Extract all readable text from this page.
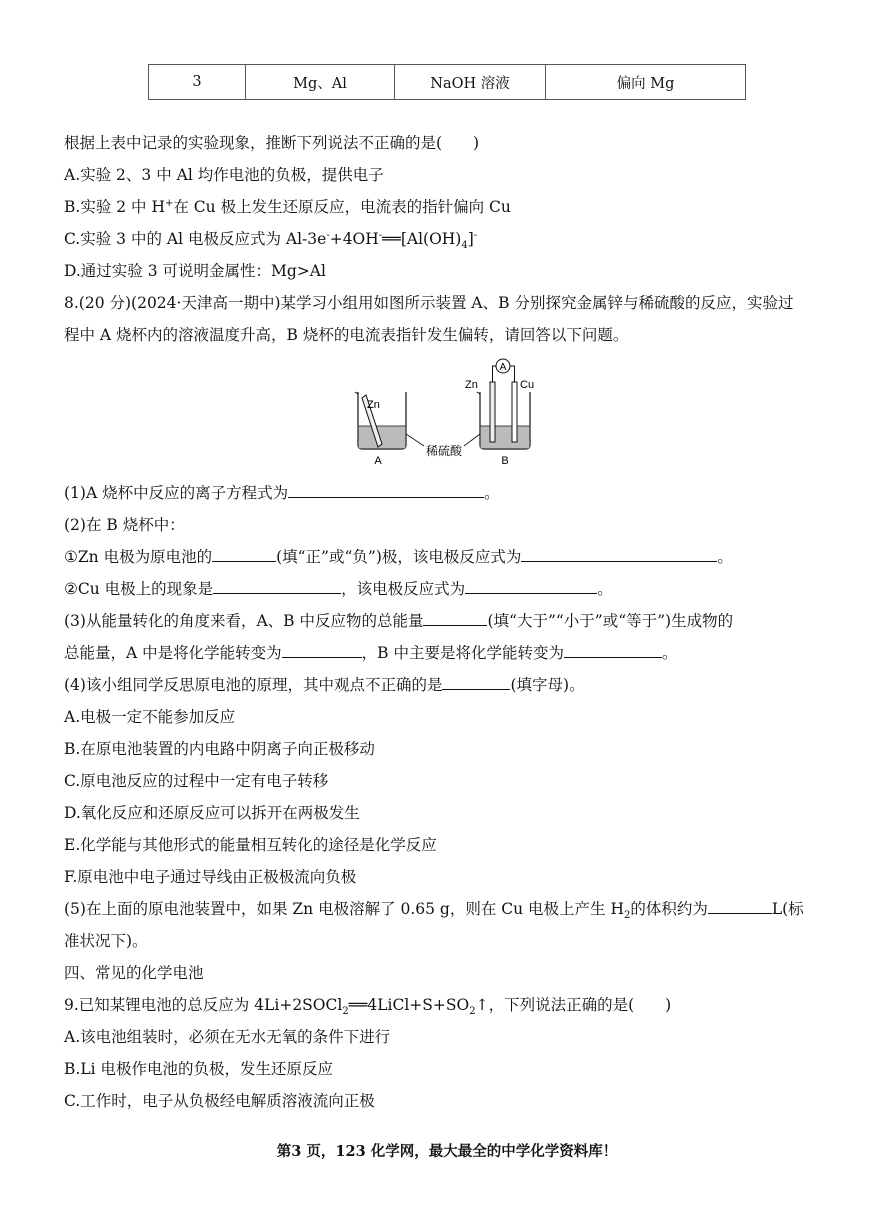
3	Mg、Al	NaOH 溶液	偏向 Mg
根据上表中记录的实验现象，推断下列说法不正确的是(　　)
A.实验 2、3 中 Al 均作电池的负极，提供电子
B.实验 2 中 H+在 Cu 极上发生还原反应，电流表的指针偏向 Cu
C.实验 3 中的 Al 电极反应式为 $Al-3e^-+4OH^-══[Al(OH)_4]^-$
D.通过实验 3 可说明金属性：Mg>Al
8.(20 分)(2024·天津高一期中)某学习小组用如图所示装置 A、B 分别探究金属锌与稀硫酸的反应，实验过
程中 A 烧杯内的溶液温度升高，B 烧杯的电流表指针发生偏转，请回答以下问题。
Zn
A
A
Zn	Cu
B
稀硫酸
(1)A 烧杯中反应的离子方程式为	。
(2)在 B 烧杯中：
①Zn 电极为原电池的	(填“正”或“负”)极，该电极反应式为	。
②Cu 电极上的现象是	，该电极反应式为	。
(3)从能量转化的角度来看，A、B 中反应物的总能量	(填“大于”“小于”或“等于”)生成物的
总能量，A 中是将化学能转变为	，B 中主要是将化学能转变为	。
(4)该小组同学反思原电池的原理，其中观点不正确的是	(填字母)。
A.电极一定不能参加反应
B.在原电池装置的内电路中阴离子向正极移动
C.原电池反应的过程中一定有电子转移
D.氧化反应和还原反应可以拆开在两极发生
E.化学能与其他形式的能量相互转化的途径是化学反应
F.原电池中电子通过导线由正极极流向负极
(5)在上面的原电池装置中，如果 Zn 电极溶解了 0.65 g，则在 Cu 电极上产生 $H_2$的体积约为	L(标
准状况下)。
四、常见的化学电池
9.已知某锂电池的总反应为 $4Li+2SOCl_2══4LiCl+S+SO_2↑$，下列说法正确的是(　　)
A.该电池组装时，必须在无水无氧的条件下进行
B.Li 电极作电池的负极，发生还原反应
C.工作时，电子从负极经电解质溶液流向正极
第3 页，123 化学网，最大最全的中学化学资料库！
